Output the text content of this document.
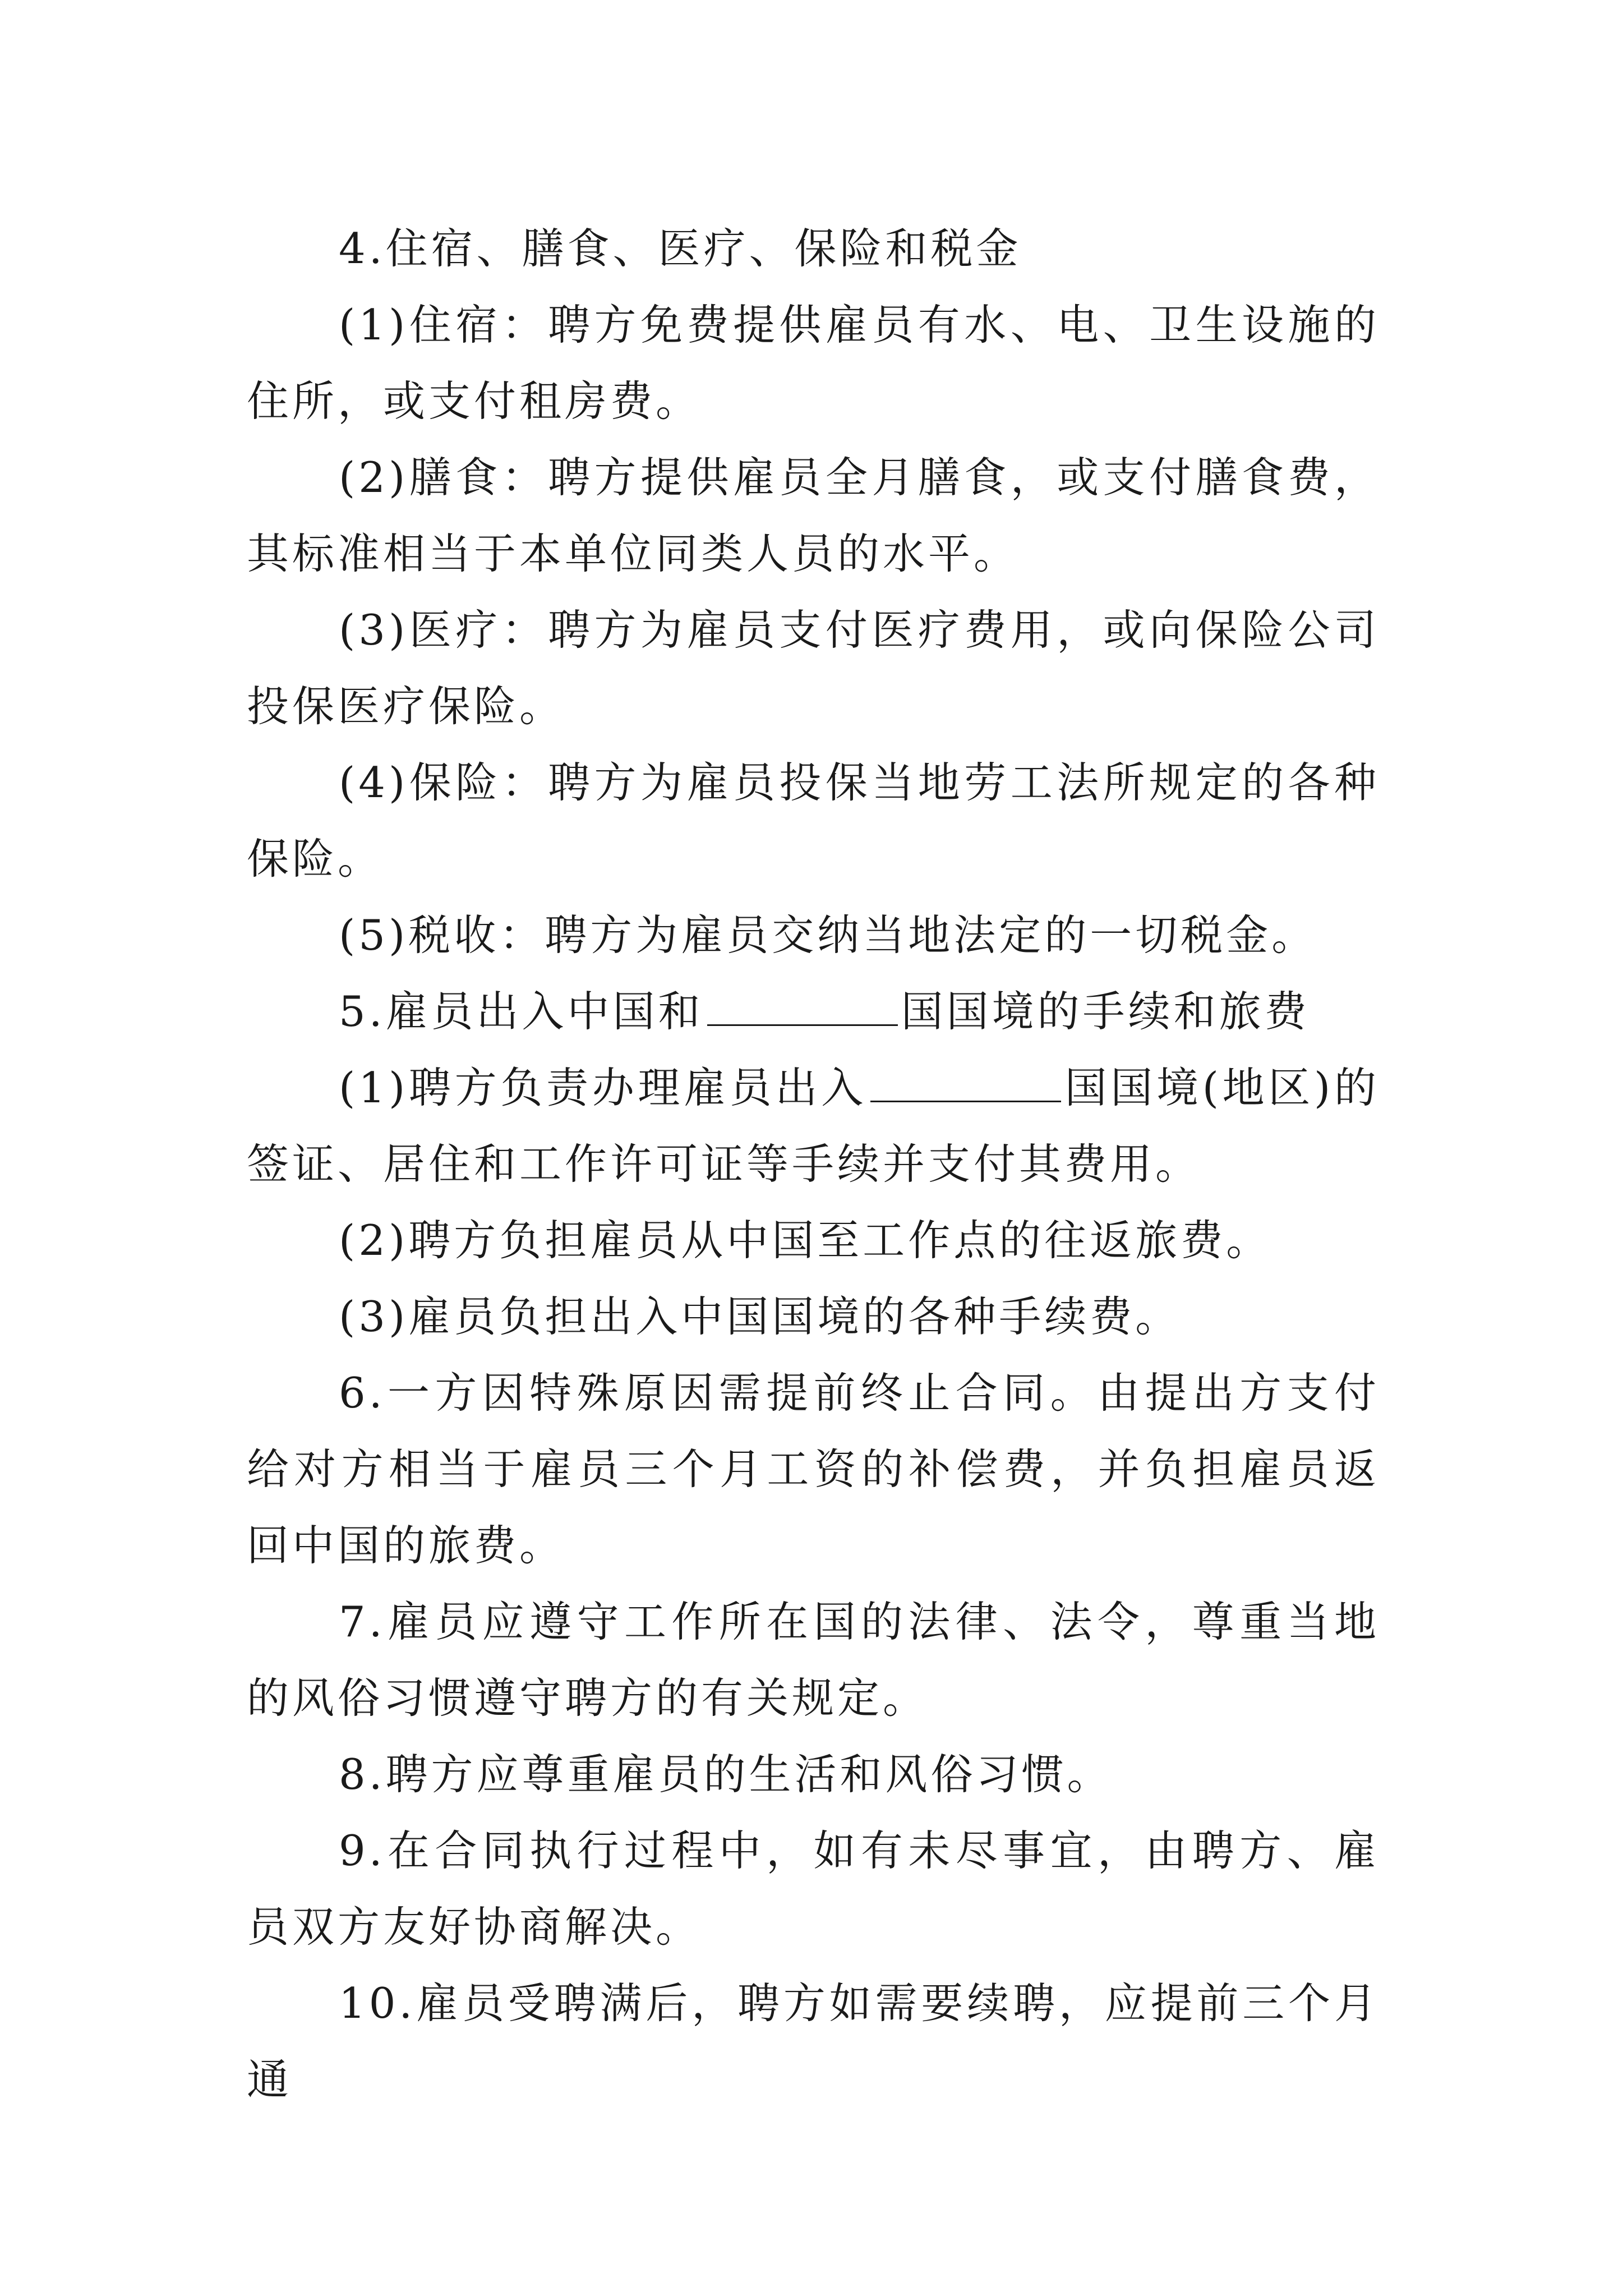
4.住宿、膳食、医疗、保险和税金

(1)住宿：聘方免费提供雇员有水、电、卫生设施的住所，或支付租房费。

(2)膳食：聘方提供雇员全月膳食，或支付膳食费，其标准相当于本单位同类人员的水平。

(3)医疗：聘方为雇员支付医疗费用，或向保险公司投保医疗保险。

(4)保险：聘方为雇员投保当地劳工法所规定的各种保险。

(5)税收：聘方为雇员交纳当地法定的一切税金。

5.雇员出入中国和	国国境的手续和旅费

(1)聘方负责办理雇员出入	国国境(地区)的签证、居住和工作许可证等手续并支付其费用。

(2)聘方负担雇员从中国至工作点的往返旅费。

(3)雇员负担出入中国国境的各种手续费。

6.一方因特殊原因需提前终止合同。由提出方支付给对方相当于雇员三个月工资的补偿费，并负担雇员返回中国的旅费。

7.雇员应遵守工作所在国的法律、法令，尊重当地的风俗习惯遵守聘方的有关规定。

8.聘方应尊重雇员的生活和风俗习惯。

9.在合同执行过程中，如有未尽事宜，由聘方、雇员双方友好协商解决。

10.雇员受聘满后，聘方如需要续聘，应提前三个月通
